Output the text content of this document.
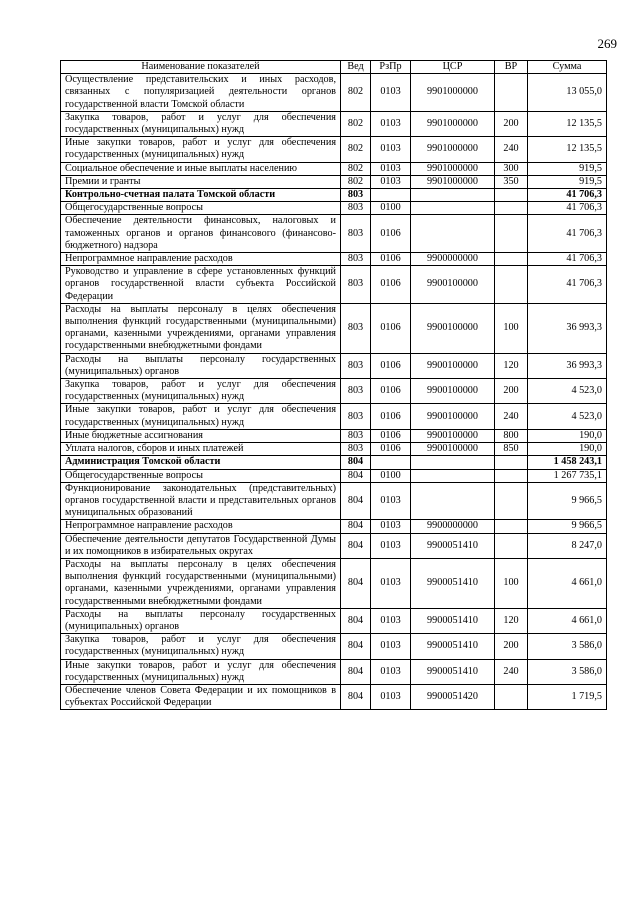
269
Наименование показателей	Вед	РзПр	ЦСР	ВР	Сумма
Осуществление представительских и иных расходов, связанных с популяризацией деятельности органов государственной власти Томской области	802	0103	9901000000		13 055,0
Закупка товаров, работ и услуг для обеспечения государственных (муниципальных) нужд	802	0103	9901000000	200	12 135,5
Иные закупки товаров, работ и услуг для обеспечения государственных (муниципальных) нужд	802	0103	9901000000	240	12 135,5
Социальное обеспечение и иные выплаты населению	802	0103	9901000000	300	919,5
Премии и гранты	802	0103	9901000000	350	919,5
Контрольно-счетная палата Томской области	803				41 706,3
Общегосударственные вопросы	803	0100			41 706,3
Обеспечение деятельности финансовых, налоговых и таможенных органов и органов финансового (финансово-бюджетного) надзора	803	0106			41 706,3
Непрограммное направление расходов	803	0106	9900000000		41 706,3
Руководство и управление в сфере установленных функций органов государственной власти субъекта Российской Федерации	803	0106	9900100000		41 706,3
Расходы на выплаты персоналу в целях обеспечения выполнения функций государственными (муниципальными) органами, казенными учреждениями, органами управления государственными внебюджетными фондами	803	0106	9900100000	100	36 993,3
Расходы на выплаты персоналу государственных (муниципальных) органов	803	0106	9900100000	120	36 993,3
Закупка товаров, работ и услуг для обеспечения государственных (муниципальных) нужд	803	0106	9900100000	200	4 523,0
Иные закупки товаров, работ и услуг для обеспечения государственных (муниципальных) нужд	803	0106	9900100000	240	4 523,0
Иные бюджетные ассигнования	803	0106	9900100000	800	190,0
Уплата налогов, сборов и иных платежей	803	0106	9900100000	850	190,0
Администрация Томской области	804				1 458 243,1
Общегосударственные вопросы	804	0100			1 267 735,1
Функционирование законодательных (представительных) органов государственной власти и представительных органов муниципальных образований	804	0103			9 966,5
Непрограммное направление расходов	804	0103	9900000000		9 966,5
Обеспечение деятельности депутатов Государственной Думы и их помощников в избирательных округах	804	0103	9900051410		8 247,0
Расходы на выплаты персоналу в целях обеспечения выполнения функций государственными (муниципальными) органами, казенными учреждениями, органами управления государственными внебюджетными фондами	804	0103	9900051410	100	4 661,0
Расходы на выплаты персоналу государственных (муниципальных) органов	804	0103	9900051410	120	4 661,0
Закупка товаров, работ и услуг для обеспечения государственных (муниципальных) нужд	804	0103	9900051410	200	3 586,0
Иные закупки товаров, работ и услуг для обеспечения государственных (муниципальных) нужд	804	0103	9900051410	240	3 586,0
Обеспечение членов Совета Федерации и их помощников в субъектах Российской Федерации	804	0103	9900051420		1 719,5
